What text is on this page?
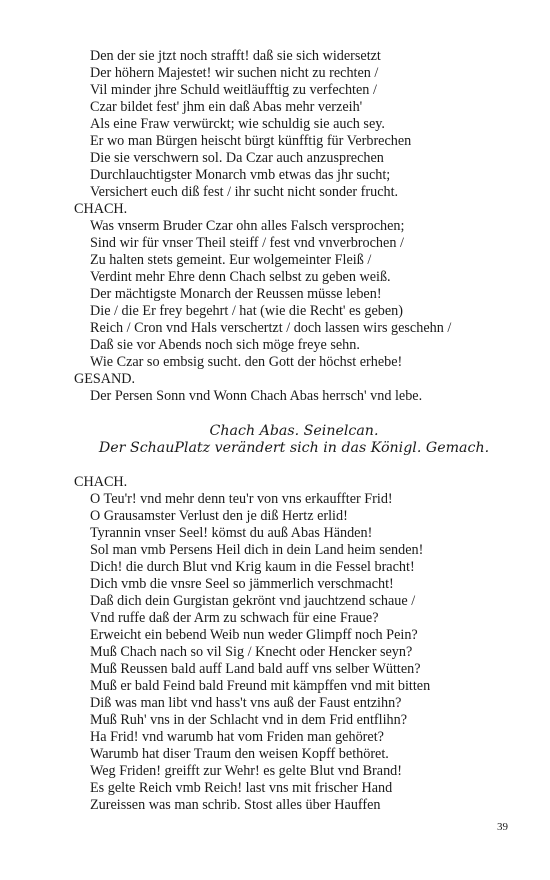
Den der sie jtzt noch strafft! daß sie sich widersetzt
Der höhern Majestet! wir suchen nicht zu rechten /
Vil minder jhre Schuld weitläufftig zu verfechten /
Czar bildet fest' jhm ein daß Abas mehr verzeih'
Als eine Fraw verwürckt; wie schuldig sie auch sey.
Er wo man Bürgen heischt bürgt künfftig für Verbrechen
Die sie verschwern sol. Da Czar auch anzusprechen
Durchlauchtigster Monarch vmb etwas das jhr sucht;
Versichert euch diß fest / ihr sucht nicht sonder frucht.
CHACH.
Was vnserm Bruder Czar ohn alles Falsch versprochen;
Sind wir für vnser Theil steiff / fest vnd vnverbrochen /
Zu halten stets gemeint. Eur wolgemeinter Fleiß /
Verdint mehr Ehre denn Chach selbst zu geben weiß.
Der mächtigste Monarch der Reussen müsse leben!
Die / die Er frey begehrt / hat (wie die Recht' es geben)
Reich / Cron vnd Hals verschertzt / doch lassen wirs geschehn /
Daß sie vor Abends noch sich möge freye sehn.
Wie Czar so embsig sucht. den Gott der höchst erhebe!
GESAND.
Der Persen Sonn vnd Wonn Chach Abas herrsch' vnd lebe.
Chach Abas. Seinelcan.
Der SchauPlatz verändert sich in das Königl. Gemach.
CHACH.
O Teu'r! vnd mehr denn teu'r von vns erkauffter Frid!
O Grausamster Verlust den je diß Hertz erlid!
Tyrannin vnser Seel! kömst du auß Abas Händen!
Sol man vmb Persens Heil dich in dein Land heim senden!
Dich! die durch Blut vnd Krig kaum in die Fessel bracht!
Dich vmb die vnsre Seel so jämmerlich verschmacht!
Daß dich dein Gurgistan gekrönt vnd jauchtzend schaue /
Vnd ruffe daß der Arm zu schwach für eine Fraue?
Erweicht ein bebend Weib nun weder Glimpff noch Pein?
Muß Chach nach so vil Sig / Knecht oder Hencker seyn?
Muß Reussen bald auff Land bald auff vns selber Wütten?
Muß er bald Feind bald Freund mit kämpffen vnd mit bitten
Diß was man libt vnd hass't vns auß der Faust entzihn?
Muß Ruh' vns in der Schlacht vnd in dem Frid entflihn?
Ha Frid! vnd warumb hat vom Friden man gehöret?
Warumb hat diser Traum den weisen Kopff bethöret.
Weg Friden! greifft zur Wehr! es gelte Blut vnd Brand!
Es gelte Reich vmb Reich! last vns mit frischer Hand
Zureissen was man schrib. Stost alles über Hauffen
39
